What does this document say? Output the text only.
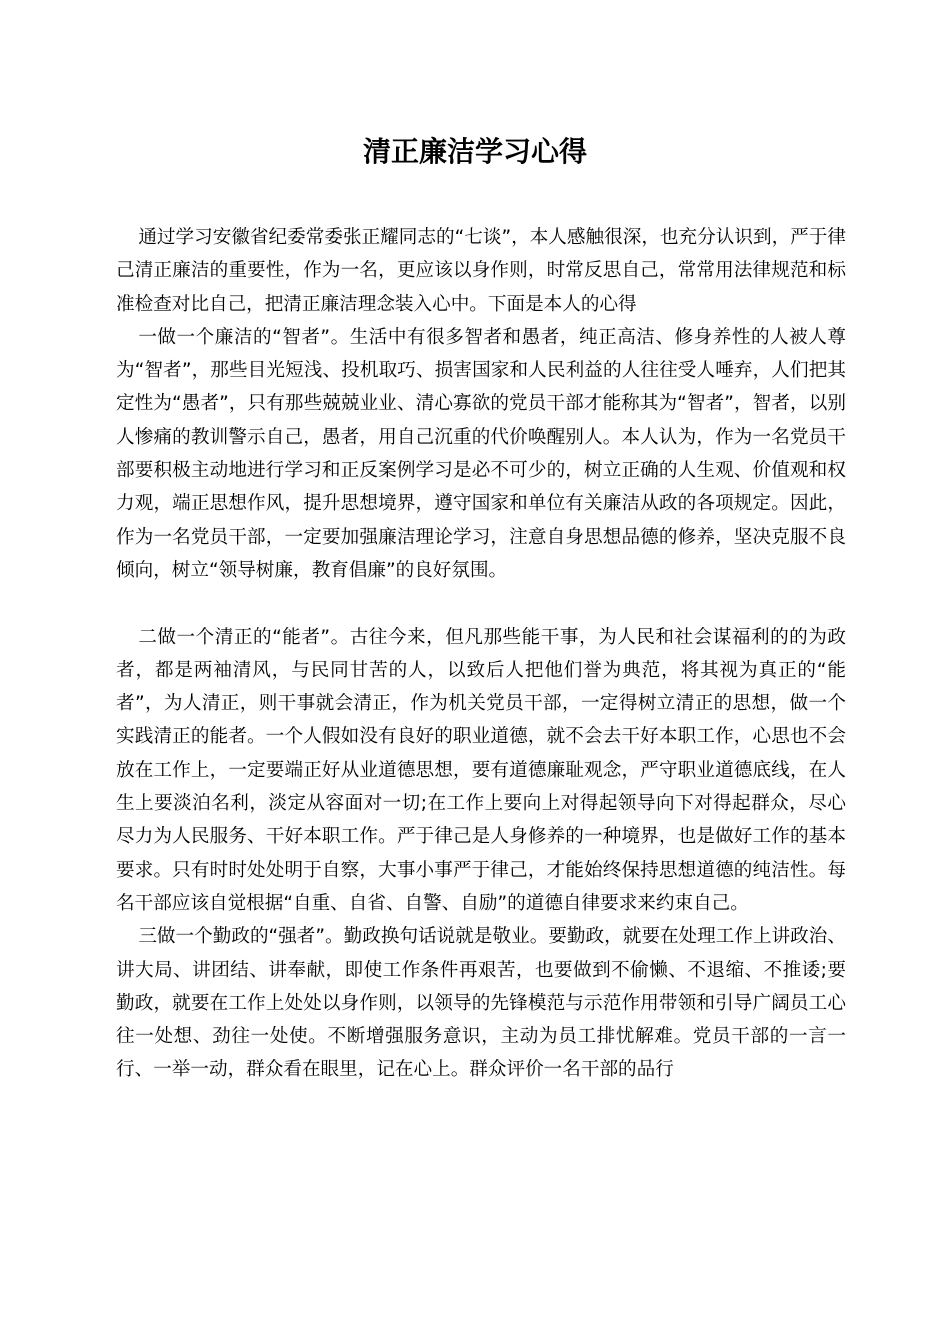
清正廉洁学习心得

通过学习安徽省纪委常委张正耀同志的“七谈”，本人感触很深，也充分认识到，严于律己清正廉洁的重要性，作为一名，更应该以身作则，时常反思自己，常常用法律规范和标准检查对比自己，把清正廉洁理念装入心中。下面是本人的心得

一做一个廉洁的“智者”。生活中有很多智者和愚者，纯正高洁、修身养性的人被人尊为“智者”，那些目光短浅、投机取巧、损害国家和人民利益的人往往受人唾弃，人们把其定性为“愚者”，只有那些兢兢业业、清心寡欲的党员干部才能称其为“智者”，智者，以别人惨痛的教训警示自己，愚者，用自己沉重的代价唤醒别人。本人认为，作为一名党员干部要积极主动地进行学习和正反案例学习是必不可少的，树立正确的人生观、价值观和权力观，端正思想作风，提升思想境界，遵守国家和单位有关廉洁从政的各项规定。因此，作为一名党员干部，一定要加强廉洁理论学习，注意自身思想品德的修养，坚决克服不良倾向，树立“领导树廉，教育倡廉”的良好氛围。

二做一个清正的“能者”。古往今来，但凡那些能干事，为人民和社会谋福利的的为政者，都是两袖清风，与民同甘苦的人，以致后人把他们誉为典范，将其视为真正的“能者”，为人清正，则干事就会清正，作为机关党员干部，一定得树立清正的思想，做一个实践清正的能者。一个人假如没有良好的职业道德，就不会去干好本职工作，心思也不会放在工作上，一定要端正好从业道德思想，要有道德廉耻观念，严守职业道德底线，在人生上要淡泊名利，淡定从容面对一切;在工作上要向上对得起领导向下对得起群众，尽心尽力为人民服务、干好本职工作。严于律己是人身修养的一种境界，也是做好工作的基本要求。只有时时处处明于自察，大事小事严于律己，才能始终保持思想道德的纯洁性。每名干部应该自觉根据“自重、自省、自警、自励”的道德自律要求来约束自己。

三做一个勤政的“强者”。勤政换句话说就是敬业。要勤政，就要在处理工作上讲政治、讲大局、讲团结、讲奉献，即使工作条件再艰苦，也要做到不偷懒、不退缩、不推诿;要勤政，就要在工作上处处以身作则，以领导的先锋模范与示范作用带领和引导广阔员工心往一处想、劲往一处使。不断增强服务意识，主动为员工排忧解难。党员干部的一言一行、一举一动，群众看在眼里，记在心上。群众评价一名干部的品行
